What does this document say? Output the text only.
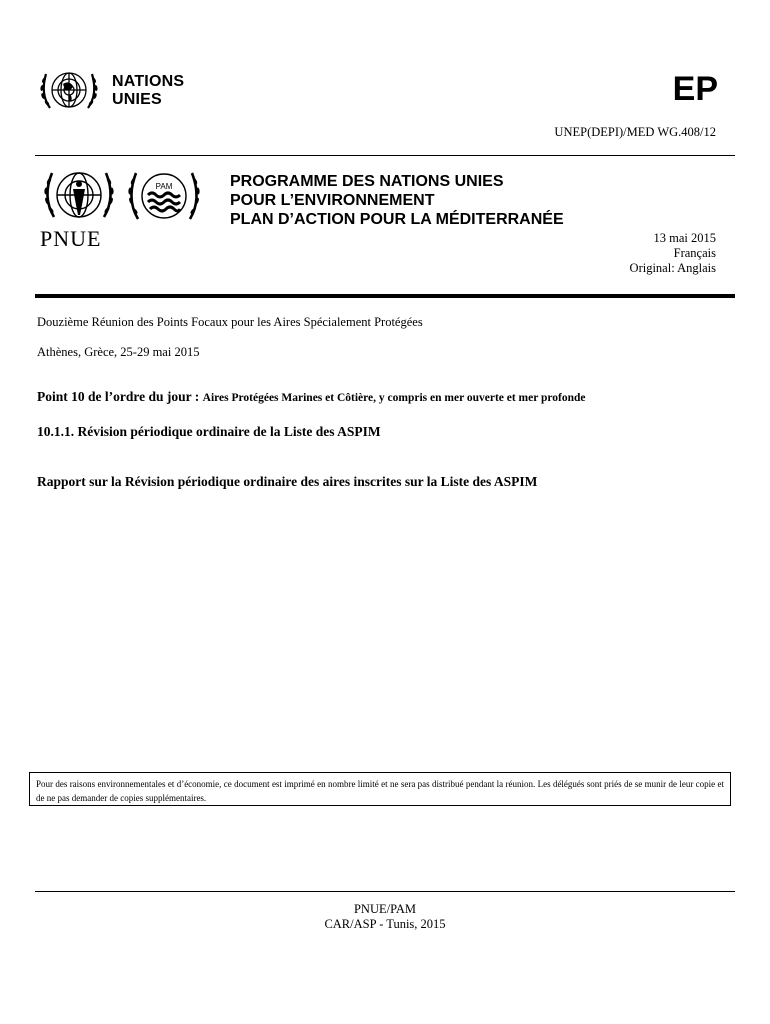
NATIONS
UNIES	EP
UNEP(DEPI)/MED WG.408/12
PNUE
PAM	PROGRAMME DES NATIONS UNIES
POUR L’ENVIRONNEMENT
PLAN D’ACTION POUR LA MÉDITERRANÉE
13 mai 2015
Français
Original: Anglais
Douzième Réunion des Points Focaux pour les Aires Spécialement Protégées
Athènes, Grèce, 25-29 mai 2015
Point 10 de l’ordre du jour : Aires Protégées Marines et Côtière, y compris en mer ouverte et mer profonde
10.1.1. Révision périodique ordinaire de la Liste des ASPIM
Rapport sur la Révision périodique ordinaire des aires inscrites sur la Liste des ASPIM
Pour des raisons environnementales et d’économie, ce document est imprimé en nombre limité et ne sera pas distribué pendant la réunion. Les délégués sont priés de se munir de leur copie et de ne pas demander de copies supplémentaires.
PNUE/PAM
CAR/ASP - Tunis, 2015
